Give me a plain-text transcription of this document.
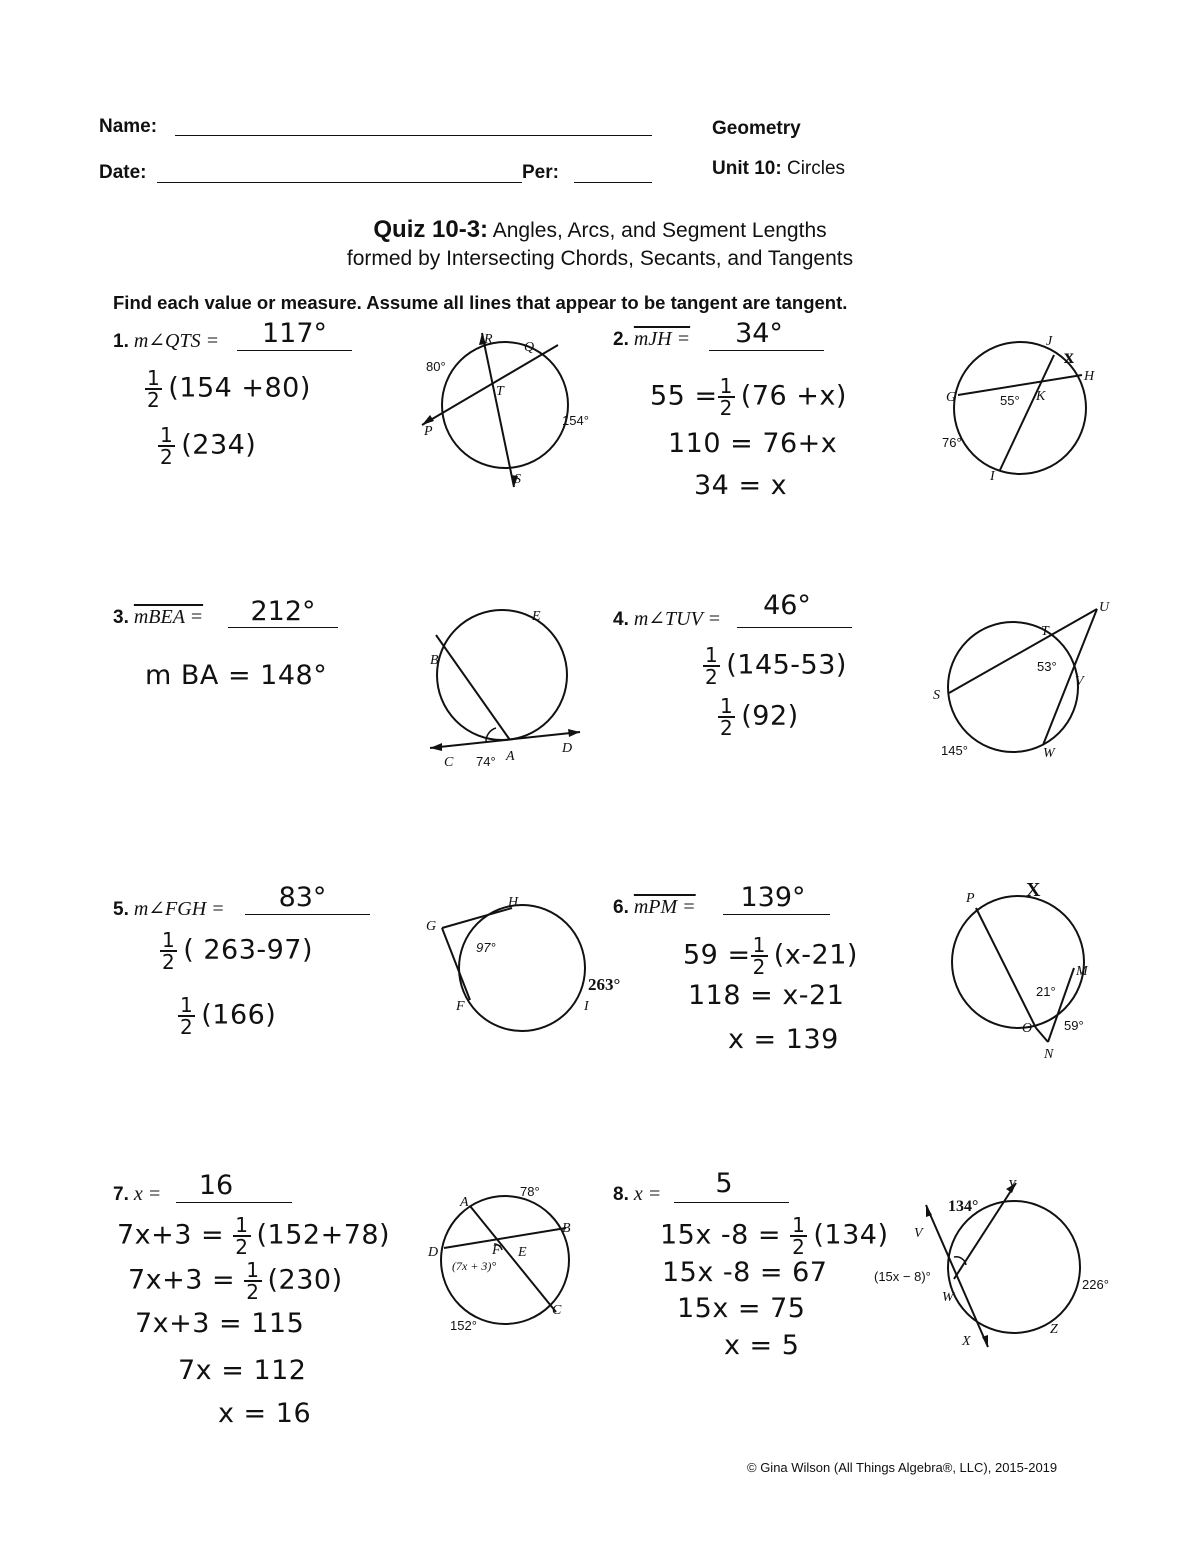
Name:
Date:	Per:
Geometry
Unit 10: Circles
Quiz 10-3: Angles, Arcs, and Segment Lengths
formed by Intersecting Chords, Secants, and Tangents
Find each value or measure. Assume all lines that appear to be tangent are tangent.
1. m∠QTS =	117°
$\frac{1}{2} (154 +80)$
$\frac{1}{2} (234)$
R
Q
T
P
S
80°
154°
2. mJH =	34°
$55 = \frac{1}{2} (76 +x)$
110 = 76+x
34 = x
J
H
G	K
I
55°
76°
x
3. mBEA =	212°
m BA = 148°
E
B
C	A
D
74°
4. m∠TUV =	46°
$\frac{1}{2} (145-53)$
$\frac{1}{2} (92)$
U
T
S
V
W
53°
145°
5. m∠FGH =	83°
$\frac{1}{2}$ ( 263-97)
$\frac{1}{2} (166)$
H
G
F	I
97°
263°
6. mPM =	139°
$59 = \frac{1}{2} (x-21)$
118 = x-21
x = 139
P
M
O
N
21°
59°
X
7. x =	16
$7x+3 = \frac{1}{2} (152+78)$
$7x+3 = \frac{1}{2} (230)$
7x+3 = 115
7x = 112
x = 16
A
B
D	E
C
F
78°
152°
(7x + 3)°
8. x =	5
15x $-8 = \frac{1}{2} (134)$
15x -8 = 67
15x = 75
x = 5
Y
V
W
X
Z
134°
226°
(15x − 8)°
© Gina Wilson (All Things Algebra®, LLC), 2015-2019
